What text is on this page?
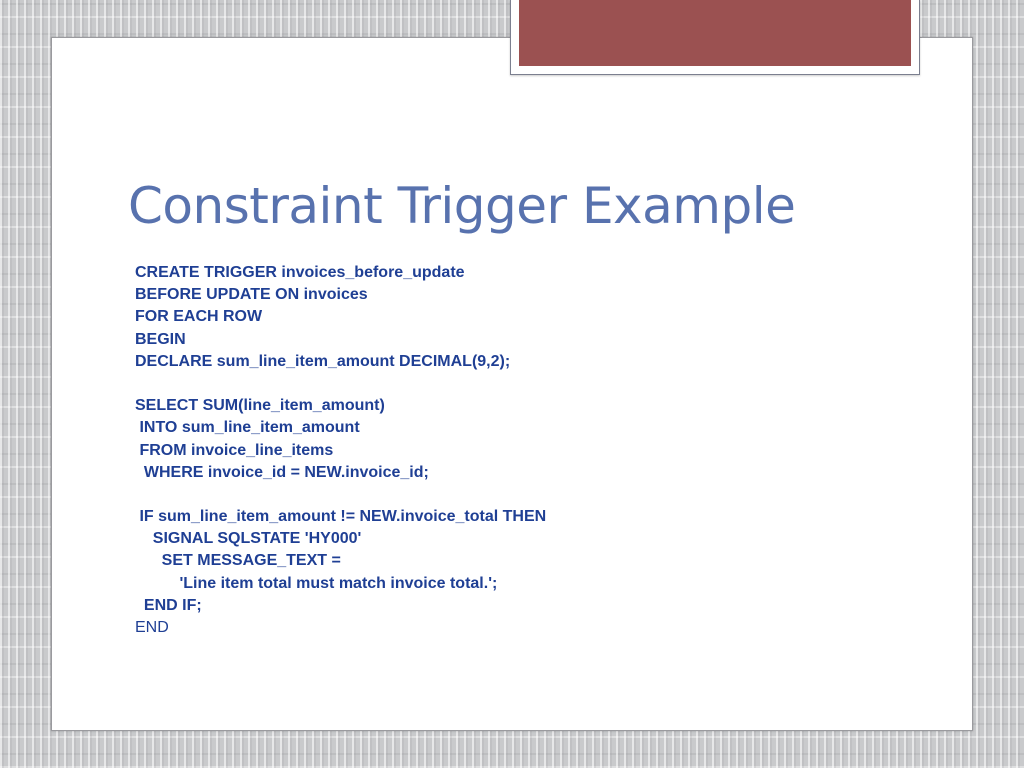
Constraint Trigger Example
CREATE TRIGGER invoices_before_update
BEFORE UPDATE ON invoices
FOR EACH ROW
BEGIN
DECLARE sum_line_item_amount DECIMAL(9,2);
SELECT SUM(line_item_amount)
INTO sum_line_item_amount
FROM invoice_line_items
WHERE invoice_id = NEW.invoice_id;
IF sum_line_item_amount != NEW.invoice_total THEN
SIGNAL SQLSTATE 'HY000'
SET MESSAGE_TEXT =
'Line item total must match invoice total.';
END IF;
END
